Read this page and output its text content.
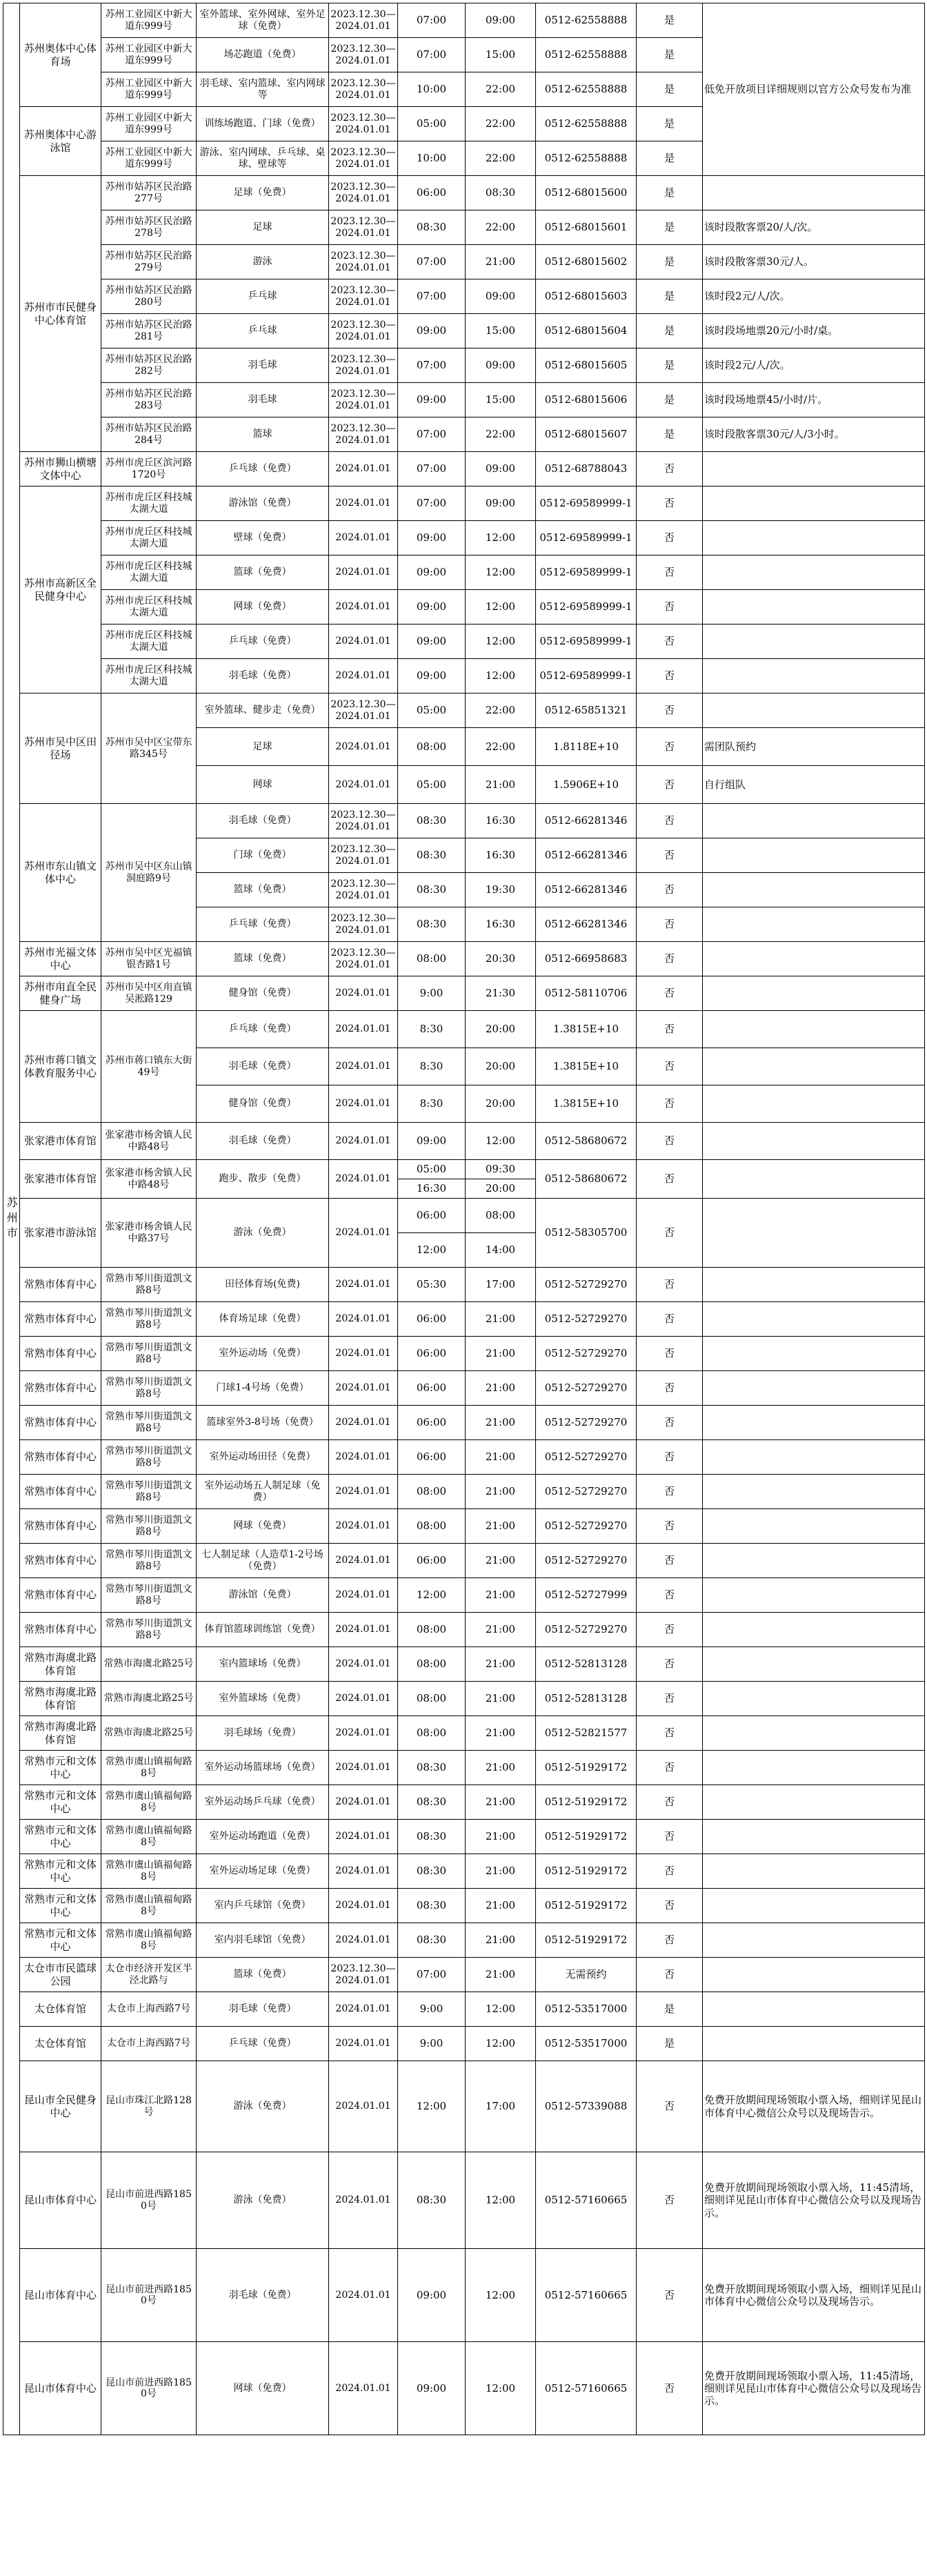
苏州市	苏州奥体中心体育场	苏州工业园区中新大道东999号	室外篮球、室外网球、室外足球（免费）	2023.12.30—2024.01.01	07:00	09:00	0512-62558888	是	低免开放项目详细规则以官方公众号发布为准
		苏州工业园区中新大道东999号	场芯跑道（免费）	2023.12.30—2024.01.01	07:00	15:00	0512-62558888	是	
		苏州工业园区中新大道东999号	羽毛球、室内篮球、室内网球等	2023.12.30—2024.01.01	10:00	22:00	0512-62558888	是	
	苏州奥体中心游泳馆	苏州工业园区中新大道东999号	训练场跑道、门球（免费）	2023.12.30—2024.01.01	05:00	22:00	0512-62558888	是	
		苏州工业园区中新大道东999号	游泳、室内网球、乒乓球、桌球、壁球等	2023.12.30—2024.01.01	10:00	22:00	0512-62558888	是	
	苏州市市民健身中心体育馆	苏州市姑苏区民治路277号	足球（免费）	2023.12.30—2024.01.01	06:00	08:30	0512-68015600	是	
		苏州市姑苏区民治路278号	足球	2023.12.30—2024.01.01	08:30	22:00	0512-68015601	是	该时段散客票20/人/次。
		苏州市姑苏区民治路279号	游泳	2023.12.30—2024.01.01	07:00	21:00	0512-68015602	是	该时段散客票30元/人。
		苏州市姑苏区民治路280号	乒乓球	2023.12.30—2024.01.01	07:00	09:00	0512-68015603	是	该时段2元/人/次。
		苏州市姑苏区民治路281号	乒乓球	2023.12.30—2024.01.01	09:00	15:00	0512-68015604	是	该时段场地票20元/小时/桌。
		苏州市姑苏区民治路282号	羽毛球	2023.12.30—2024.01.01	07:00	09:00	0512-68015605	是	该时段2元/人/次。
		苏州市姑苏区民治路283号	羽毛球	2023.12.30—2024.01.01	09:00	15:00	0512-68015606	是	该时段场地票45/小时/片。
		苏州市姑苏区民治路284号	篮球	2023.12.30—2024.01.01	07:00	22:00	0512-68015607	是	该时段散客票30元/人/3小时。
	苏州市狮山横塘文体中心	苏州市虎丘区滨河路1720号	乒乓球（免费）	2024.01.01	07:00	09:00	0512-68788043	否	
	苏州市高新区全民健身中心	苏州市虎丘区科技城太湖大道	游泳馆（免费）	2024.01.01	07:00	09:00	0512-69589999-1	否	
		苏州市虎丘区科技城太湖大道	壁球（免费）	2024.01.01	09:00	12:00	0512-69589999-1	否	
		苏州市虎丘区科技城太湖大道	篮球（免费）	2024.01.01	09:00	12:00	0512-69589999-1	否	
		苏州市虎丘区科技城太湖大道	网球（免费）	2024.01.01	09:00	12:00	0512-69589999-1	否	
		苏州市虎丘区科技城太湖大道	乒乓球（免费）	2024.01.01	09:00	12:00	0512-69589999-1	否	
		苏州市虎丘区科技城太湖大道	羽毛球（免费）	2024.01.01	09:00	12:00	0512-69589999-1	否	
	苏州市吴中区田径场	苏州市吴中区宝带东路345号	室外篮球、健步走（免费）	2023.12.30—2024.01.01	05:00	22:00	0512-65851321	否	
			足球	2024.01.01	08:00	22:00	1.8118E+10	否	需团队预约
			网球	2024.01.01	05:00	21:00	1.5906E+10	否	自行组队
	苏州市东山镇文体中心	苏州市吴中区东山镇洞庭路9号	羽毛球（免费）	2023.12.30—2024.01.01	08:30	16:30	0512-66281346	否	
			门球（免费）	2023.12.30—2024.01.01	08:30	16:30	0512-66281346	否	
			篮球（免费）	2023.12.30—2024.01.01	08:30	19:30	0512-66281346	否	
			乒乓球（免费）	2023.12.30—2024.01.01	08:30	16:30	0512-66281346	否	
	苏州市光福文体中心	苏州市吴中区光福镇银杏路1号	篮球（免费）	2023.12.30—2024.01.01	08:00	20:30	0512-66958683	否	
	苏州市甪直全民健身广场	苏州市吴中区甪直镇吴淞路129	健身馆（免费）	2024.01.01	9:00	21:30	0512-58110706	否	
	苏州市蒋口镇文体教育服务中心	苏州市蒋口镇东大街49号	乒乓球（免费）	2024.01.01	8:30	20:00	1.3815E+10	否	
			羽毛球（免费）	2024.01.01	8:30	20:00	1.3815E+10	否	
			健身馆（免费）	2024.01.01	8:30	20:00	1.3815E+10	否	
	张家港市体育馆	张家港市杨舍镇人民中路48号	羽毛球（免费）	2024.01.01	09:00	12:00	0512-58680672	否	
	张家港市体育馆	张家港市杨舍镇人民中路48号	跑步、散步（免费）	2024.01.01	05:00	09:30	0512-58680672	否	
					16:30	20:00			
	张家港市游泳馆	张家港市杨舍镇人民中路37号	游泳（免费）	2024.01.01	06:00	08:00	0512-58305700	否	
					12:00	14:00			
	常熟市体育中心	常熟市琴川街道凯文路8号	田径体育场(免费)	2024.01.01	05:30	17:00	0512-52729270	否	
	常熟市体育中心	常熟市琴川街道凯文路8号	体育场足球（免费）	2024.01.01	06:00	21:00	0512-52729270	否	
	常熟市体育中心	常熟市琴川街道凯文路8号	室外运动场（免费）	2024.01.01	06:00	21:00	0512-52729270	否	
	常熟市体育中心	常熟市琴川街道凯文路8号	门球1-4号场（免费）	2024.01.01	06:00	21:00	0512-52729270	否	
	常熟市体育中心	常熟市琴川街道凯文路8号	篮球室外3-8号场（免费）	2024.01.01	06:00	21:00	0512-52729270	否	
	常熟市体育中心	常熟市琴川街道凯文路8号	室外运动场田径（免费）	2024.01.01	06:00	21:00	0512-52729270	否	
	常熟市体育中心	常熟市琴川街道凯文路8号	室外运动场五人制足球（免费）	2024.01.01	08:00	21:00	0512-52729270	否	
	常熟市体育中心	常熟市琴川街道凯文路8号	网球（免费）	2024.01.01	08:00	21:00	0512-52729270	否	
	常熟市体育中心	常熟市琴川街道凯文路8号	七人制足球（人造草1-2号场（免费）	2024.01.01	06:00	21:00	0512-52729270	否	
	常熟市体育中心	常熟市琴川街道凯文路8号	游泳馆（免费）	2024.01.01	12:00	21:00	0512-52727999	否	
	常熟市体育中心	常熟市琴川街道凯文路8号	体育馆篮球训练馆（免费）	2024.01.01	08:00	21:00	0512-52729270	否	
	常熟市海虞北路体育馆	常熟市海虞北路25号	室内篮球场（免费）	2024.01.01	08:00	21:00	0512-52813128	否	
	常熟市海虞北路体育馆	常熟市海虞北路25号	室外篮球场（免费）	2024.01.01	08:00	21:00	0512-52813128	否	
	常熟市海虞北路体育馆	常熟市海虞北路25号	羽毛球场（免费）	2024.01.01	08:00	21:00	0512-52821577	否	
	常熟市元和文体中心	常熟市虞山镇福甸路8号	室外运动场篮球场（免费）	2024.01.01	08:30	21:00	0512-51929172	否	
	常熟市元和文体中心	常熟市虞山镇福甸路8号	室外运动场乒乓球（免费）	2024.01.01	08:30	21:00	0512-51929172	否	
	常熟市元和文体中心	常熟市虞山镇福甸路8号	室外运动场跑道（免费）	2024.01.01	08:30	21:00	0512-51929172	否	
	常熟市元和文体中心	常熟市虞山镇福甸路8号	室外运动场足球（免费）	2024.01.01	08:30	21:00	0512-51929172	否	
	常熟市元和文体中心	常熟市虞山镇福甸路8号	室内乒乓球馆（免费）	2024.01.01	08:30	21:00	0512-51929172	否	
	常熟市元和文体中心	常熟市虞山镇福甸路8号	室内羽毛球馆（免费）	2024.01.01	08:30	21:00	0512-51929172	否	
	太仓市市民篮球公园	太仓市经济开发区半泾北路与	篮球（免费）	2023.12.30—2024.01.01	07:00	21:00	无需预约	否	
	太仓体育馆	太仓市上海西路7号	羽毛球（免费）	2024.01.01	9:00	12:00	0512-53517000	是	
	太仓体育馆	太仓市上海西路7号	乒乓球（免费）	2024.01.01	9:00	12:00	0512-53517000	是	
	昆山市全民健身中心	昆山市珠江北路128号	游泳（免费）	2024.01.01	12:00	17:00	0512-57339088	否	免费开放期间现场领取小票入场，细则详见昆山市体育中心微信公众号以及现场告示。
	昆山市体育中心	昆山市前进西路1850号	游泳（免费）	2024.01.01	08:30	12:00	0512-57160665	否	免费开放期间现场领取小票入场，11:45清场，细则详见昆山市体育中心微信公众号以及现场告示。
	昆山市体育中心	昆山市前进西路1850号	羽毛球（免费）	2024.01.01	09:00	12:00	0512-57160665	否	免费开放期间现场领取小票入场，细则详见昆山市体育中心微信公众号以及现场告示。
	昆山市体育中心	昆山市前进西路1850号	网球（免费）	2024.01.01	09:00	12:00	0512-57160665	否	免费开放期间现场领取小票入场，11:45清场，细则详见昆山市体育中心微信公众号以及现场告示。
